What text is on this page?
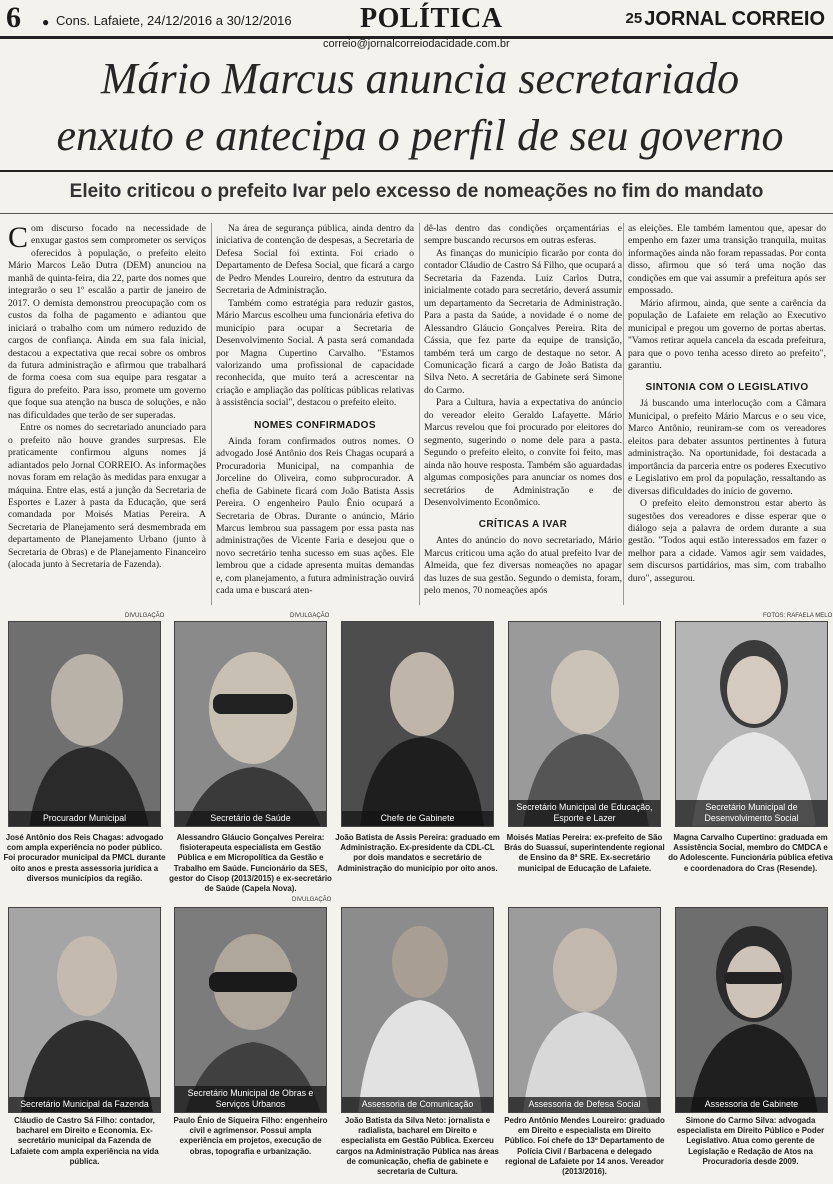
6 ● Cons. Lafaiete, 24/12/2016 a 30/12/2016 POLÍTICA	25 JORNAL CORREIO
correio@jornalcorreiodacidade.com.br
Mário Marcus anuncia secretariado
enxuto e antecipa o perfil de seu governo
Eleito criticou o prefeito Ivar pelo excesso de nomeações no fim do mandato

Com discurso focado na necessidade de enxugar gastos sem comprometer os serviços oferecidos à população, o prefeito eleito Mário Marcos Leão Dutra (DEM) anunciou na manhã de quinta-feira, dia 22, parte dos nomes que integrarão o seu 1º escalão a partir de janeiro de 2017. O demista demonstrou preocupação com os custos da folha de pagamento e adiantou que iniciará o trabalho com um número reduzido de cargos de confiança. Ainda em sua fala inicial, destacou a expectativa que recai sobre os ombros da futura administração e afirmou que trabalhará de forma coesa com sua equipe para resgatar a figura do prefeito. Para isso, promete um governo que foque sua atenção na busca de soluções, e não nas dificuldades que terão de ser superadas.

Entre os nomes do secretariado anunciado para o prefeito não houve grandes surpresas. Ele praticamente confirmou alguns nomes já adiantados pelo Jornal CORREIO. As informações novas foram em relação às medidas para enxugar a máquina. Entre elas, está a junção da Secretaria de Esportes e Lazer à pasta da Educação, que será comandada por Moisés Matias Pereira. A Secretaria de Planejamento será desmembrada em departamento de Planejamento Urbano (junto à Secretaria de Obras) e de Planejamento Financeiro (alocada junto à Secretaria de Fazenda).

Na área de segurança pública, ainda dentro da iniciativa de contenção de despesas, a Secretaria de Defesa Social foi extinta. Foi criado o Departamento de Defesa Social, que ficará a cargo de Pedro Mendes Loureiro, dentro da estrutura da Secretaria de Administração.

Também como estratégia para reduzir gastos, Mário Marcus escolheu uma funcionária efetiva do município para ocupar a Secretaria de Desenvolvimento Social. A pasta será comandada por Magna Cupertino Carvalho. "Estamos valorizando uma profissional de capacidade reconhecida, que muito terá a acrescentar na criação e ampliação das políticas públicas relativas à assistência social", destacou o prefeito eleito.

NOMES CONFIRMADOS

Ainda foram confirmados outros nomes. O advogado José Antônio dos Reis Chagas ocupará a Procuradoria Municipal, na companhia de Jorceline do Oliveira, como subprocurador. A chefia de Gabinete ficará com João Batista Assis Pereira. O engenheiro Paulo Ênio ocupará a Secretaria de Obras. Durante o anúncio, Mário Marcus lembrou sua passagem por essa pasta nas administrações de Vicente Faria e desejou que o novo secretário tenha sucesso em suas ações. Ele lembrou que a cidade apresenta muitas demandas e, com planejamento, a futura administração ouvirá cada uma e buscará aten-

dê-las dentro das condições orçamentárias e sempre buscando recursos em outras esferas.

As finanças do município ficarão por conta do contador Cláudio de Castro Sá Filho, que ocupará a Secretaria da Fazenda. Luiz Carlos Dutra, inicialmente cotado para secretário, deverá assumir um departamento da Secretaria de Administração. Para a pasta da Saúde, a novidade é o nome de Alessandro Gláucio Gonçalves Pereira. Rita de Cássia, que fez parte da equipe de transição, também terá um cargo de destaque no setor. A Comunicação ficará a cargo de João Batista da Silva Neto. A secretária de Gabinete será Simone do Carmo.

Para a Cultura, havia a expectativa do anúncio do vereador eleito Geraldo Lafayette. Mário Marcus revelou que foi procurado por eleitores do segmento, sugerindo o nome dele para a pasta. Segundo o prefeito eleito, o convite foi feito, mas ainda não houve resposta. Também são aguardadas algumas composições para anunciar os nomes dos secretários de Administração e de Desenvolvimento Econômico.

CRÍTICAS A IVAR

Antes do anúncio do novo secretariado, Mário Marcus criticou uma ação do atual prefeito Ivar de Almeida, que fez diversas nomeações no apagar das luzes de sua gestão. Segundo o demista, foram, pelo menos, 70 nomeações após

as eleições. Ele também lamentou que, apesar do empenho em fazer uma transição tranquila, muitas informações ainda não foram repassadas. Por conta disso, afirmou que só terá uma noção das condições em que vai assumir a prefeitura após ser empossado.

Mário afirmou, ainda, que sente a carência da população de Lafaiete em relação ao Executivo municipal e pregou um governo de portas abertas. "Vamos retirar aquela cancela da escada prefeitura, para que o povo tenha acesso direto ao prefeito", garantiu.

SINTONIA COM O LEGISLATIVO

Já buscando uma interlocução com a Câmara Municipal, o prefeito Mário Marcus e o seu vice, Marco Antônio, reuniram-se com os vereadores eleitos para debater assuntos pertinentes à futura administração. Na oportunidade, foi destacada a importância da parceria entre os poderes Executivo e Legislativo em prol da população, ressaltando as diversas dificuldades do início de governo.

O prefeito eleito demonstrou estar aberto às sugestões dos vereadores e disse esperar que o diálogo seja a palavra de ordem durante a sua gestão. "Todos aqui estão interessados em fazer o melhor para a cidade. Vamos agir sem vaidades, sem discursos partidários, mas sim, com trabalho duro", assegurou.

DIVULGAÇÃO	DIVULGAÇÃO
DIVULGAÇÃO
FOTOS: RAFAELA MELO
Procurador Municipal	Secretário de Saúde	Chefe de Gabinete
Secretário Municipal de Educação, Esporte e Lazer
Secretário Municipal de Desenvolvimento Social
José Antônio dos Reis Chagas: advogado com ampla experiência no poder público. Foi procurador municipal da PMCL durante oito anos e presta assessoria jurídica a diversos municípios da região.
Alessandro Gláucio Gonçalves Pereira: fisioterapeuta especialista em Gestão Pública e em Micropolítica da Gestão e Trabalho em Saúde. Funcionário da SES, gestor do Cisop (2013/2015) e ex-secretário de Saúde (Capela Nova).
João Batista de Assis Pereira: graduado em Administração. Ex-presidente da CDL-CL por dois mandatos e secretário de Administração do município por oito anos.
Moisés Matias Pereira: ex-prefeito de São Brás do Suassuí, superintendente regional de Ensino da 8ª SRE. Ex-secretário municipal de Educação de Lafaiete.
Magna Carvalho Cupertino: graduada em Assistência Social, membro do CMDCA e do Adolescente. Funcionária pública efetiva e coordenadora do Cras (Resende).
Secretário Municipal da Fazenda
Secretário Municipal de Obras e Serviços Urbanos	Assessoria de Comunicação	Assessoria de Defesa Social	Assessoria de Gabinete
Cláudio de Castro Sá Filho: contador, bacharel em Direito e Economia. Ex-secretário municipal da Fazenda de Lafaiete com ampla experiência na vida pública.
Paulo Ênio de Siqueira Filho: engenheiro civil e agrimensor. Possui ampla experiência em projetos, execução de obras, topografia e urbanização.
João Batista da Silva Neto: jornalista e radialista, bacharel em Direito e especialista em Gestão Pública. Exerceu cargos na Administração Pública nas áreas de comunicação, chefia de gabinete e secretaria de Cultura.
Pedro Antônio Mendes Loureiro: graduado em Direito e especialista em Direito Público. Foi chefe do 13º Departamento de Polícia Civil / Barbacena e delegado regional de Lafaiete por 14 anos. Vereador (2013/2016).
Simone do Carmo Silva: advogada especialista em Direito Público e Poder Legislativo. Atua como gerente de Legislação e Redação de Atos na Procuradoria desde 2009.
